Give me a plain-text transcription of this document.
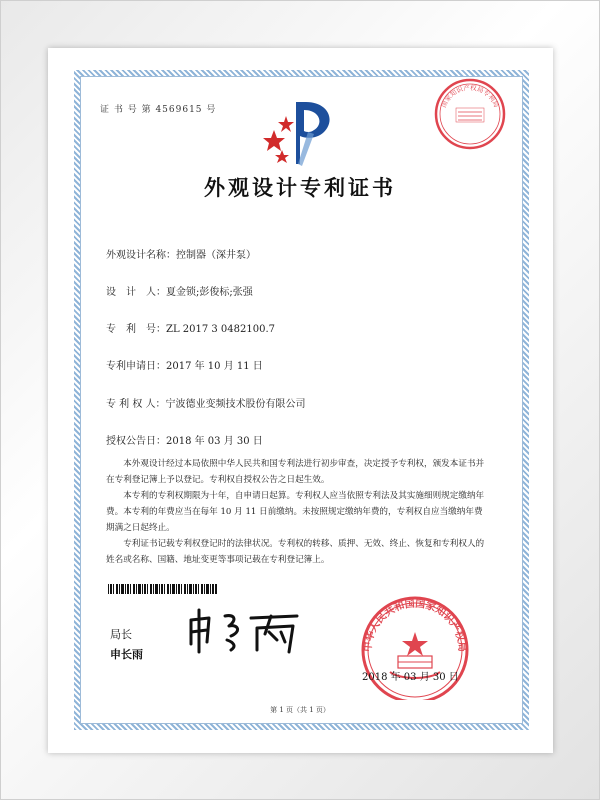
证 书 号 第 4569615 号
国家知识产权局专利局
外观设计专利证书
外观设计名称：控制器（深井泵）
设　计　人：夏金锁;彭俊标;张强
专　利　号：ZL 2017 3 0482100.7
专利申请日：2017 年 10 月 11 日
专 利 权 人：宁波德业变频技术股份有限公司
授权公告日：2018 年 03 月 30 日

本外观设计经过本局依照中华人民共和国专利法进行初步审查，决定授予专利权，颁发本证书并在专利登记簿上予以登记。专利权自授权公告之日起生效。

本专利的专利权期限为十年，自申请日起算。专利权人应当依照专利法及其实施细则规定缴纳年费。本专利的年费应当在每年 10 月 11 日前缴纳。未按照规定缴纳年费的，专利权自应当缴纳年费期满之日起终止。

专利证书记载专利权登记时的法律状况。专利权的转移、质押、无效、终止、恢复和专利权人的姓名或名称、国籍、地址变更等事项记载在专利登记簿上。

局长
申长雨
中华人民共和国国家知识产权局
2018 年 03 月 30 日
第 1 页（共 1 页）
